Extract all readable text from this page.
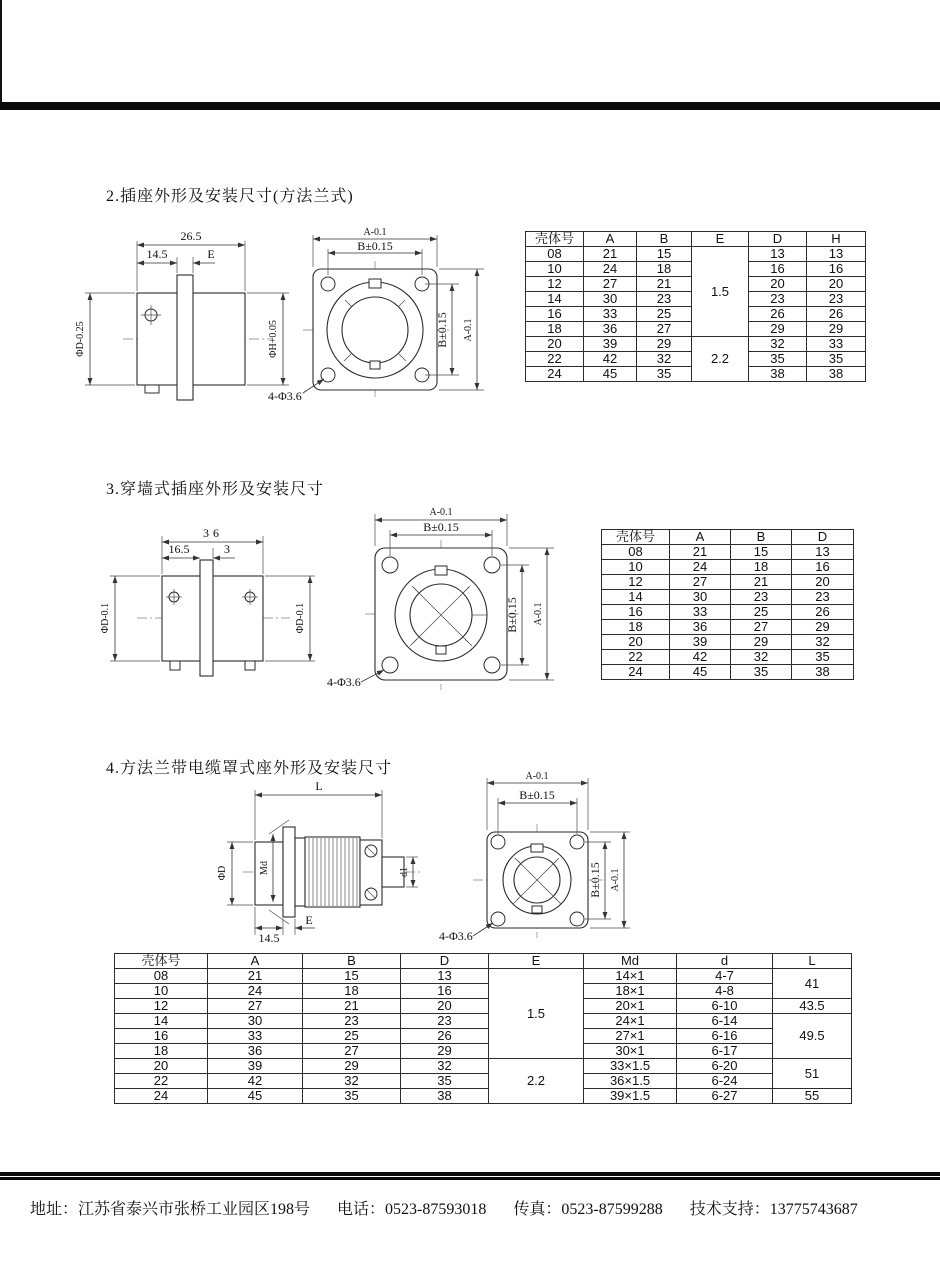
2.插座外形及安装尺寸(方法兰式)
26.5
14.5	E
ΦD-0.25	ΦH+0.05
A-0.1
B±0.15
B±0.15 A-0.1
4-Φ3.6
壳体号	A	B	E	D	H
08	21	15	1.5	13	13
10	24	18		16	16
12	27	21		20	20
14	30	23		23	23
16	33	25		26	26
18	36	27		29	29
20	39	29	2.2	32	33
22	42	32		35	35
24	45	35		38	38
3.穿墙式插座外形及安装尺寸
36
16.5	3
ΦD-0.1	ΦD-0.1
A-0.1
B±0.15
B±0.15 A-0.1
4-Φ3.6
壳体号	A	B	D
08	21	15	13
10	24	18	16
12	27	21	20
14	30	23	23
16	33	25	26
18	36	27	29
20	39	29	32
22	42	32	35
24	45	35	38
4.方法兰带电缆罩式座外形及安装尺寸
L
ΦD	Md	d1
14.5
E
A-0.1
B±0.15
B±0.15 A-0.1
4-Φ3.6
壳体号	A	B	D	E	Md	d	L
08	21	15	13	1.5	14×1	4-7	41
10	24	18	16		18×1	4-8	
12	27	21	20		20×1	6-10	43.5
14	30	23	23		24×1	6-14	49.5
16	33	25	26		27×1	6-16	
18	36	27	29		30×1	6-17	
20	39	29	32	2.2	33×1.5	6-20	51
22	42	32	35		36×1.5	6-24	
24	45	35	38		39×1.5	6-27	55
地址：江苏省泰兴市张桥工业园区198号 电话：0523-87593018 传真：0523-87599288 技术支持：13775743687
